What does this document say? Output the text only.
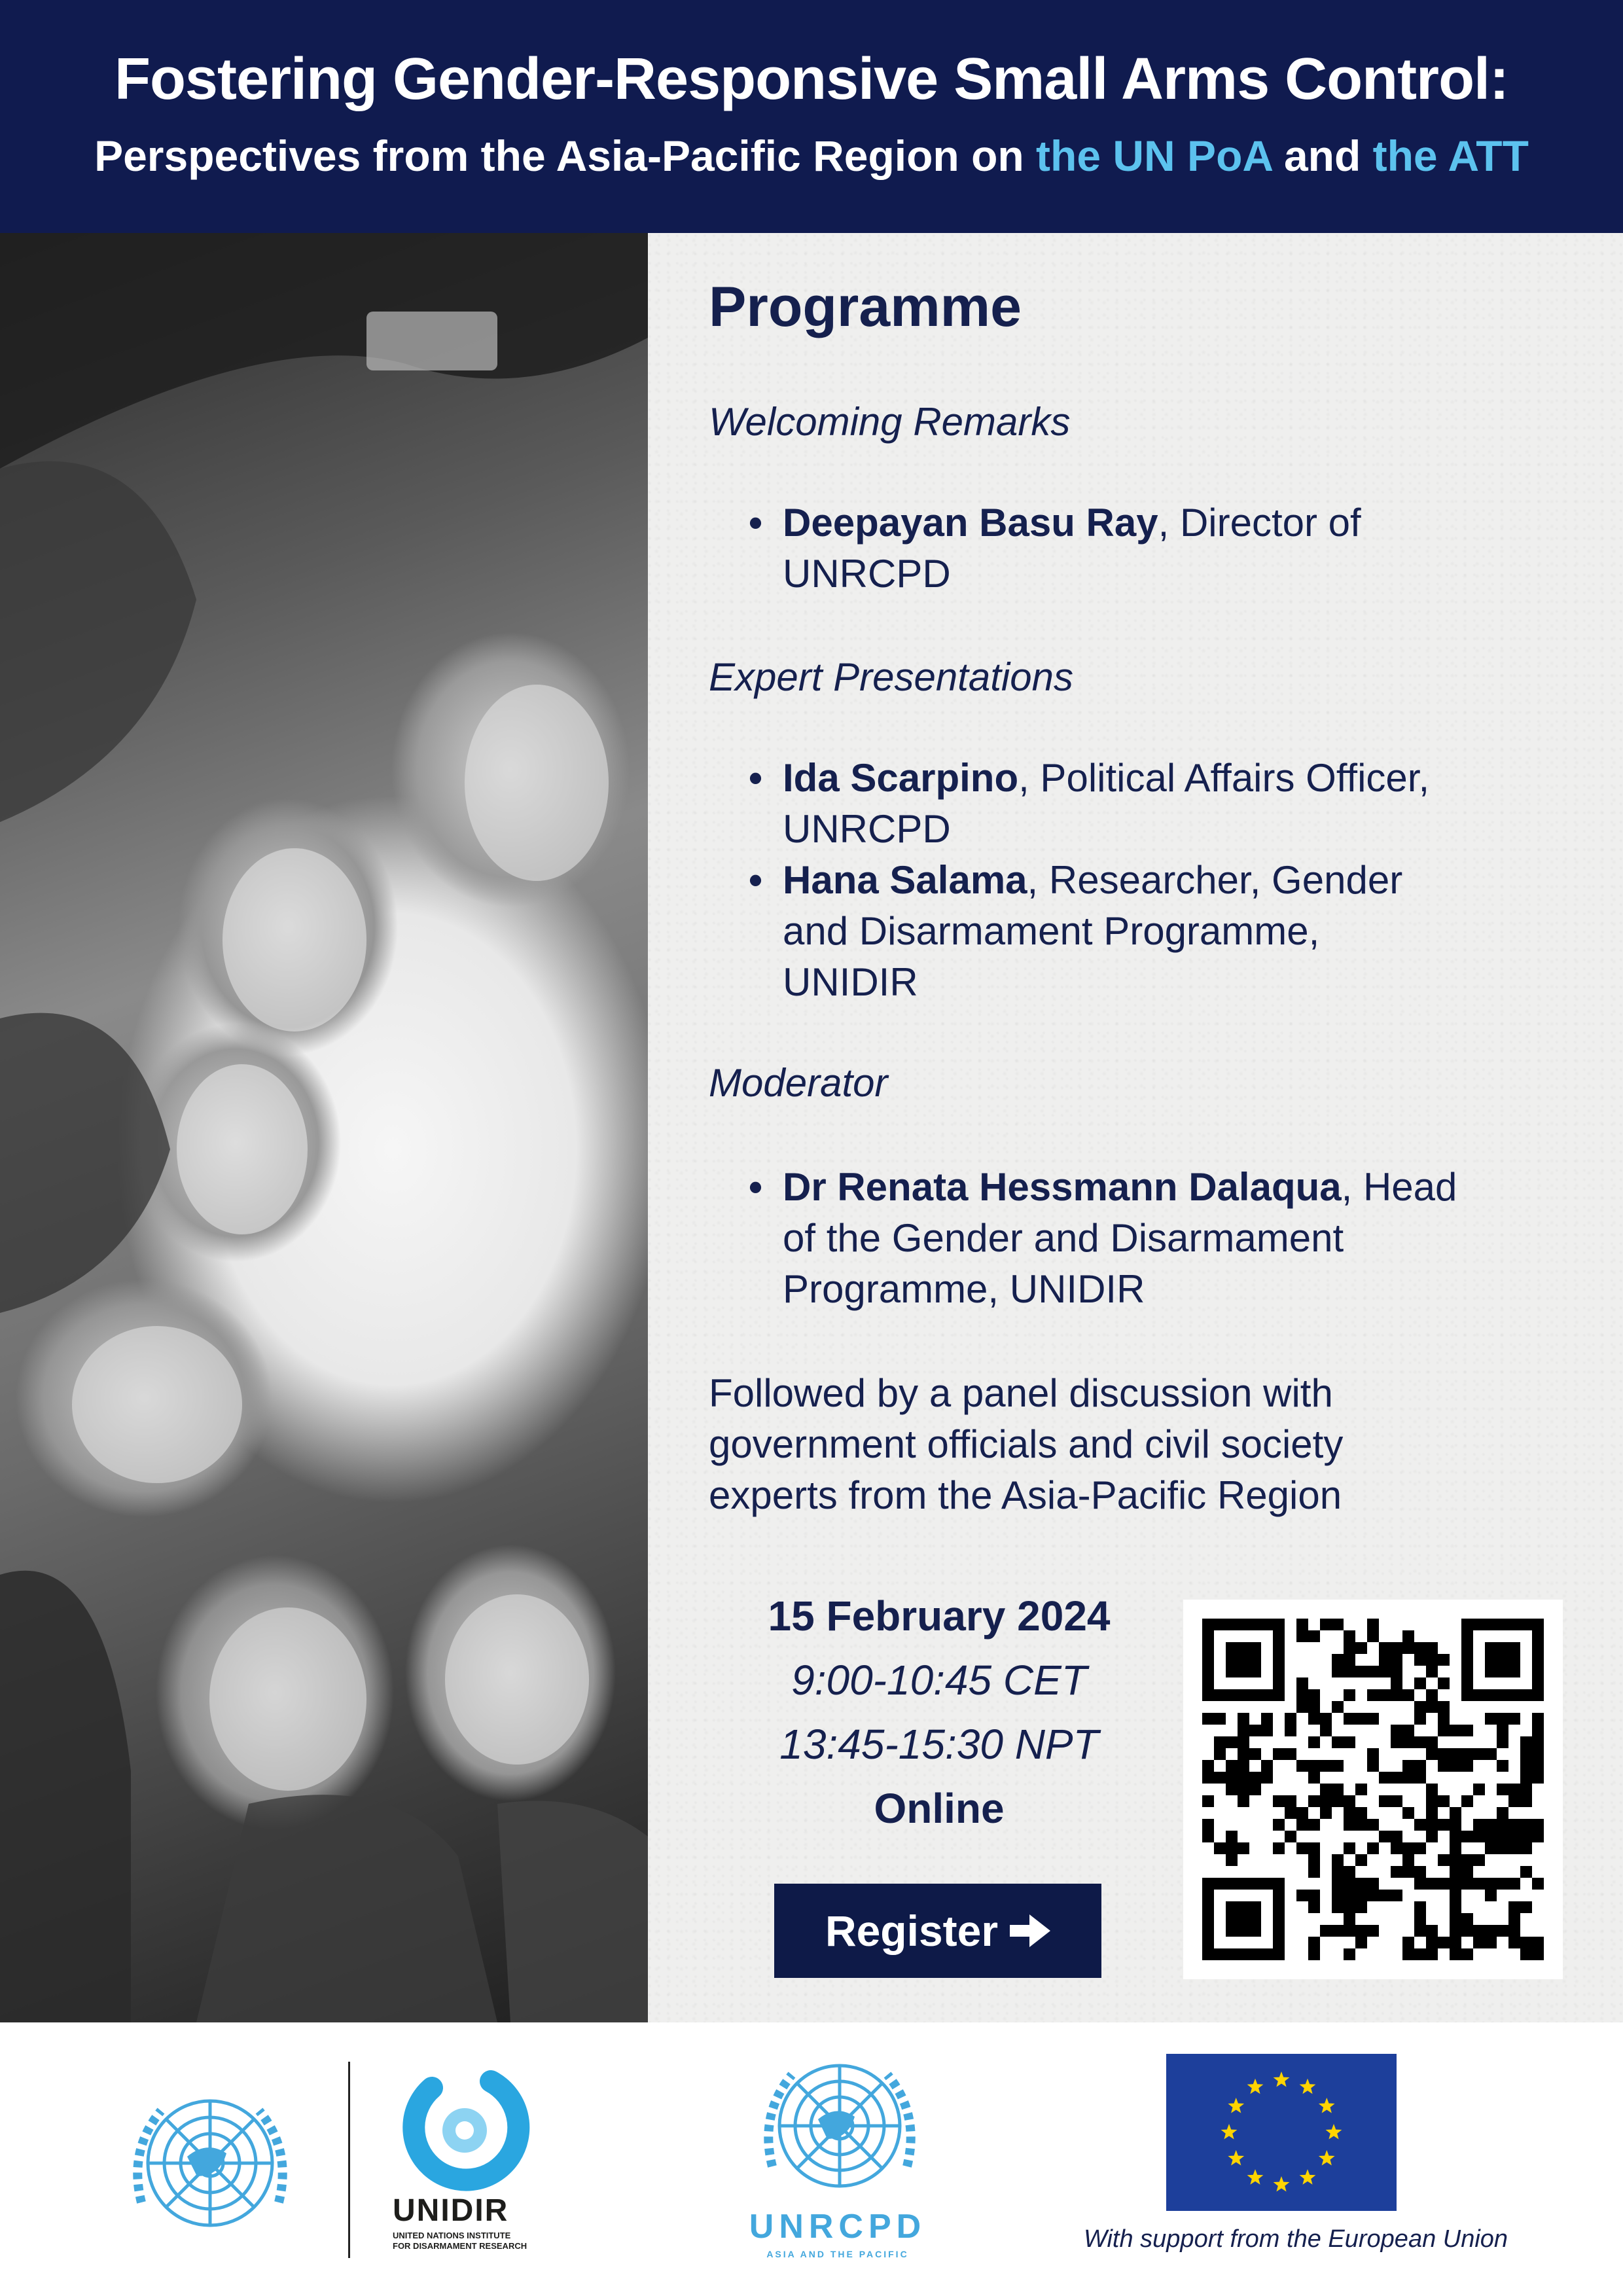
Fostering Gender-Responsive Small Arms Control:
Perspectives from the Asia-Pacific Region on the UN PoA and the ATT
Programme
Welcoming Remarks
• Deepayan Basu Ray, Director of
UNRCPD
Expert Presentations
• Ida Scarpino, Political Affairs Officer,
UNRCPD
• Hana Salama, Researcher, Gender
and Disarmament Programme,
UNIDIR
Moderator
• Dr Renata Hessmann Dalaqua, Head
of the Gender and Disarmament
Programme, UNIDIR
Followed by a panel discussion with
government officials and civil society
experts from the Asia-Pacific Region
15 February 2024
9:00-10:45 CET
13:45-15:30 NPT
Online
Register
UNIDIR
UNITED NATIONS INSTITUTE
FOR DISARMAMENT RESEARCH
UNRCPD
ASIA AND THE PACIFIC
With support from the European Union
